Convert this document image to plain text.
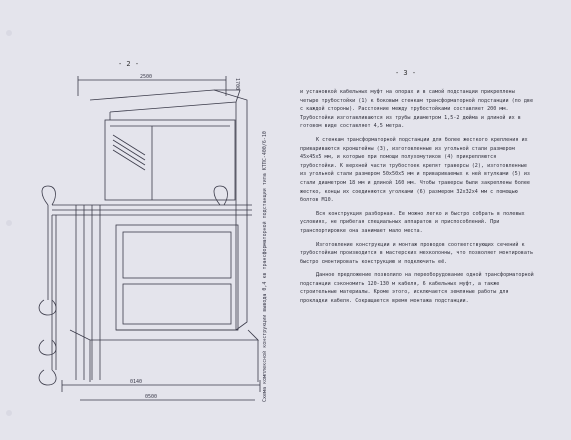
- 2 -
- 3 -
2500
0140
0500
1700
Схема комплексной конструкции вывода 0,4 кв трансформаторной подстанции типа КТПС-400/6-10

и установкой кабельных муфт на опорах и в самой подстанции прикреплены четыре трубостойки (1) к боковым стенкам трансформаторной подстанции (по две с каждой стороны). Расстояние между трубостойками составляет 200 мм. Трубостойки изготавливаются из трубы диаметром 1,5-2 дюйма и длиной их в готовом виде составляет 4,5 метра.

К стенкам трансформаторной подстанции для более жесткого крепления их привариваются кронштейны (3), изготовленные из угольной стали размером 45х45х5 мм, и которые при помощи полухомутиков (4) прикрепляются трубостойки. К верхней части трубостоек крепят траверсы (2), изготовленные из угольной стали размером 50х50х5 мм и привариваемых к ней втулками (5) из стали диаметром 18 мм и длиной 160 мм. Чтобы траверсы были закреплены более жестко, концы их соединяются уголками (6) размером 32х32х4 мм с помощью болтов М10.

Вся конструкция разборная. Ее можно легко и быстро собрать в полевых условиях, не прибегая специальных аппаратов и приспособлений. При транспортировке она занимает мало места.

Изготовление конструкции и монтаж проводов соответствующих сечений к трубостойкам производится в мастерских мехколонны, что позволяет монтировать быстро смонтировать конструкцию и подключить её.

Данное предложение позволило на переоборудование одной трансформаторной подстанции сэкономить 120-130 м кабеля, 6 кабельных муфт, а также строительные материалы. Кроме этого, исключается земляные работы для прокладки кабеля. Сокращается время монтажа подстанции.
